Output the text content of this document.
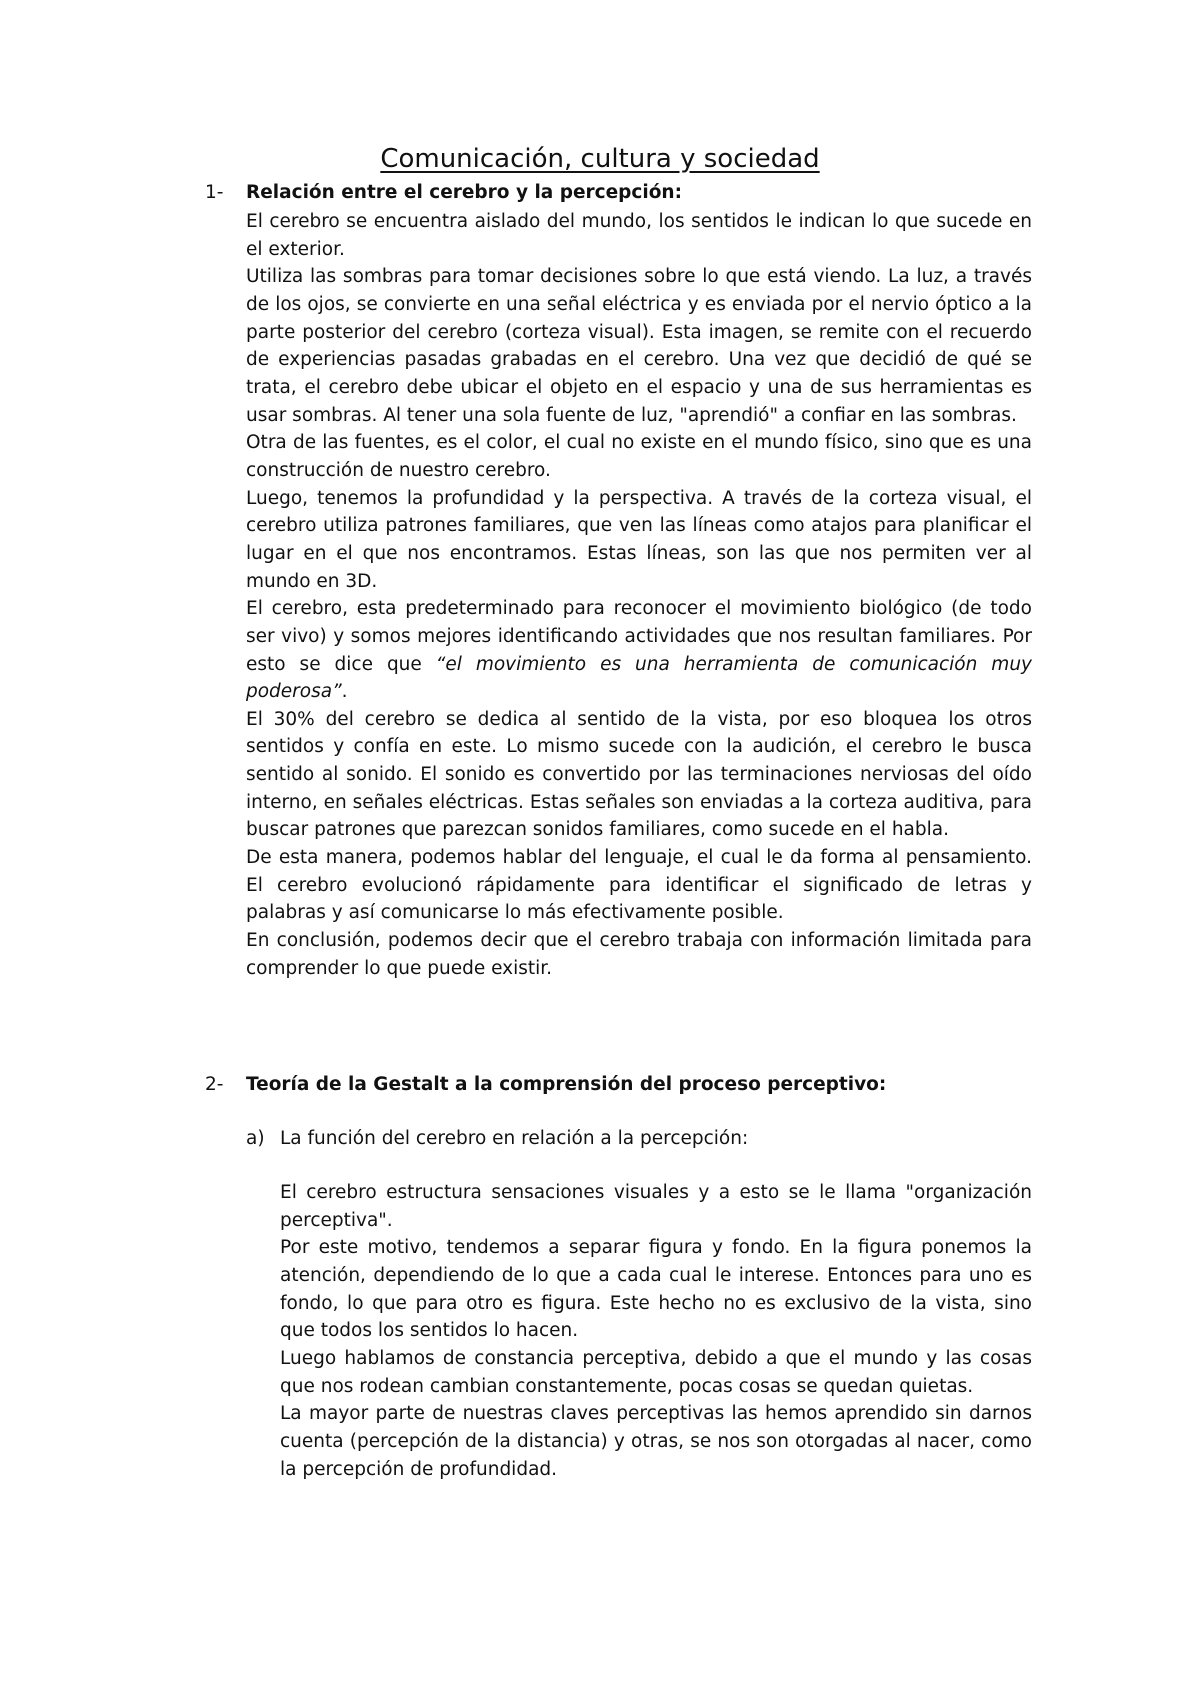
Comunicación, cultura y sociedad
1- Relación entre el cerebro y la percepción:

El cerebro se encuentra aislado del mundo, los sentidos le indican lo que sucede en el exterior.

Utiliza las sombras para tomar decisiones sobre lo que está viendo. La luz, a través de los ojos, se convierte en una señal eléctrica y es enviada por el nervio óptico a la parte posterior del cerebro (corteza visual). Esta imagen, se remite con el recuerdo de experiencias pasadas grabadas en el cerebro. Una vez que decidió de qué se trata, el cerebro debe ubicar el objeto en el espacio y una de sus herramientas es usar sombras. Al tener una sola fuente de luz, "aprendió" a confiar en las sombras.

Otra de las fuentes, es el color, el cual no existe en el mundo físico, sino que es una construcción de nuestro cerebro.

Luego, tenemos la profundidad y la perspectiva. A través de la corteza visual, el cerebro utiliza patrones familiares, que ven las líneas como atajos para planificar el lugar en el que nos encontramos. Estas líneas, son las que nos permiten ver al mundo en 3D.

El cerebro, esta predeterminado para reconocer el movimiento biológico (de todo ser vivo) y somos mejores identificando actividades que nos resultan familiares. Por esto se dice que “el movimiento es una herramienta de comunicación muy poderosa”.

El 30% del cerebro se dedica al sentido de la vista, por eso bloquea los otros sentidos y confía en este. Lo mismo sucede con la audición, el cerebro le busca sentido al sonido. El sonido es convertido por las terminaciones nerviosas del oído interno, en señales eléctricas. Estas señales son enviadas a la corteza auditiva, para buscar patrones que parezcan sonidos familiares, como sucede en el habla.

De esta manera, podemos hablar del lenguaje, el cual le da forma al pensamiento. El cerebro evolucionó rápidamente para identificar el significado de letras y palabras y así comunicarse lo más efectivamente posible.

En conclusión, podemos decir que el cerebro trabaja con información limitada para comprender lo que puede existir.

2- Teoría de la Gestalt a la comprensión del proceso perceptivo:
a) La función del cerebro en relación a la percepción:

El cerebro estructura sensaciones visuales y a esto se le llama "organización perceptiva".

Por este motivo, tendemos a separar figura y fondo. En la figura ponemos la atención, dependiendo de lo que a cada cual le interese. Entonces para uno es fondo, lo que para otro es figura. Este hecho no es exclusivo de la vista, sino que todos los sentidos lo hacen.

Luego hablamos de constancia perceptiva, debido a que el mundo y las cosas que nos rodean cambian constantemente, pocas cosas se quedan quietas.

La mayor parte de nuestras claves perceptivas las hemos aprendido sin darnos cuenta (percepción de la distancia) y otras, se nos son otorgadas al nacer, como la percepción de profundidad.
